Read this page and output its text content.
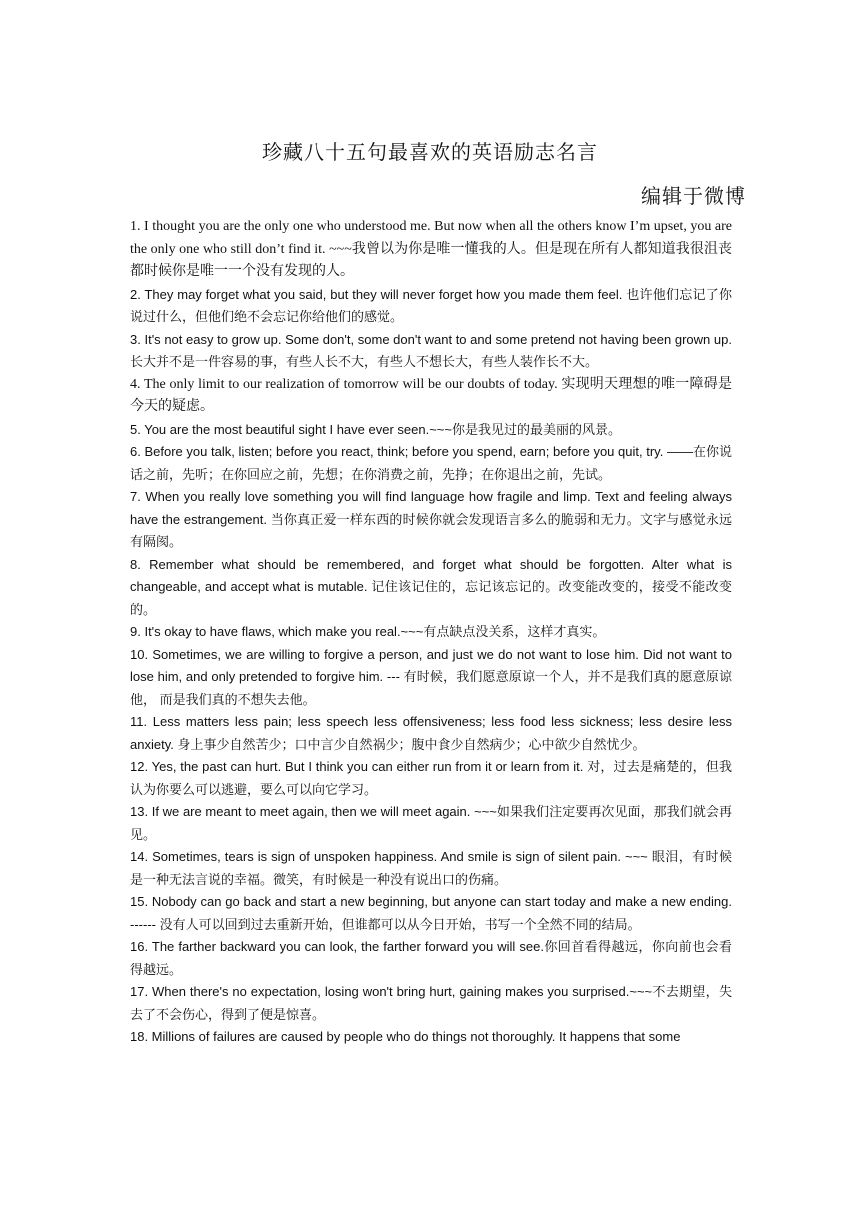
珍藏八十五句最喜欢的英语励志名言
编辑于微博

1. I thought you are the only one who understood me. But now when all the others know I’m upset, you are the only one who still don’t find it. ~~~我曾以为你是唯一懂我的人。但是现在所有人都知道我很沮丧都时候你是唯一一个没有发现的人。

2. They may forget what you said, but they will never forget how you made them feel. 也许他们忘记了你说过什么，但他们绝不会忘记你给他们的感觉。

3. It's not easy to grow up. Some don't, some don't want to and some pretend not having been grown up. 长大并不是一件容易的事，有些人长不大，有些人不想长大，有些人装作长不大。

4. The only limit to our realization of tomorrow will be our doubts of today. 实现明天理想的唯一障碍是今天的疑虑。

5. You are the most beautiful sight I have ever seen.~~~你是我见过的最美丽的风景。

6. Before you talk, listen; before you react, think; before you spend, earn; before you quit, try. ——在你说话之前，先听；在你回应之前，先想；在你消费之前，先挣；在你退出之前，先试。

7. When you really love something you will find language how fragile and limp. Text and feeling always have the estrangement. 当你真正爱一样东西的时候你就会发现语言多么的脆弱和无力。文字与感觉永远有隔阂。

8. Remember what should be remembered, and forget what should be forgotten. Alter what is changeable, and accept what is mutable. 记住该记住的，忘记该忘记的。改变能改变的，接受不能改变的。

9. It's okay to have flaws, which make you real.~~~有点缺点没关系，这样才真实。

10. Sometimes, we are willing to forgive a person, and just we do not want to lose him. Did not want to lose him, and only pretended to forgive him. --- 有时候，我们愿意原谅一个人，并不是我们真的愿意原谅他， 而是我们真的不想失去他。

11. Less matters less pain; less speech less offensiveness; less food less sickness; less desire less anxiety. 身上事少自然苦少；口中言少自然祸少；腹中食少自然病少；心中欲少自然忧少。

12. Yes, the past can hurt. But I think you can either run from it or learn from it. 对，过去是痛楚的，但我认为你要么可以逃避，要么可以向它学习。

13. If we are meant to meet again, then we will meet again. ~~~如果我们注定要再次见面，那我们就会再见。

14. Sometimes, tears is sign of unspoken happiness. And smile is sign of silent pain. ~~~ 眼泪，有时候是一种无法言说的幸福。微笑，有时候是一种没有说出口的伤痛。

15. Nobody can go back and start a new beginning, but anyone can start today and make a new ending. ------ 没有人可以回到过去重新开始，但谁都可以从今日开始，书写一个全然不同的结局。

16. The farther backward you can look, the farther forward you will see.你回首看得越远，你向前也会看得越远。

17. When there's no expectation, losing won't bring hurt, gaining makes you surprised.~~~不去期望，失去了不会伤心，得到了便是惊喜。

18. Millions of failures are caused by people who do things not thoroughly. It happens that some
